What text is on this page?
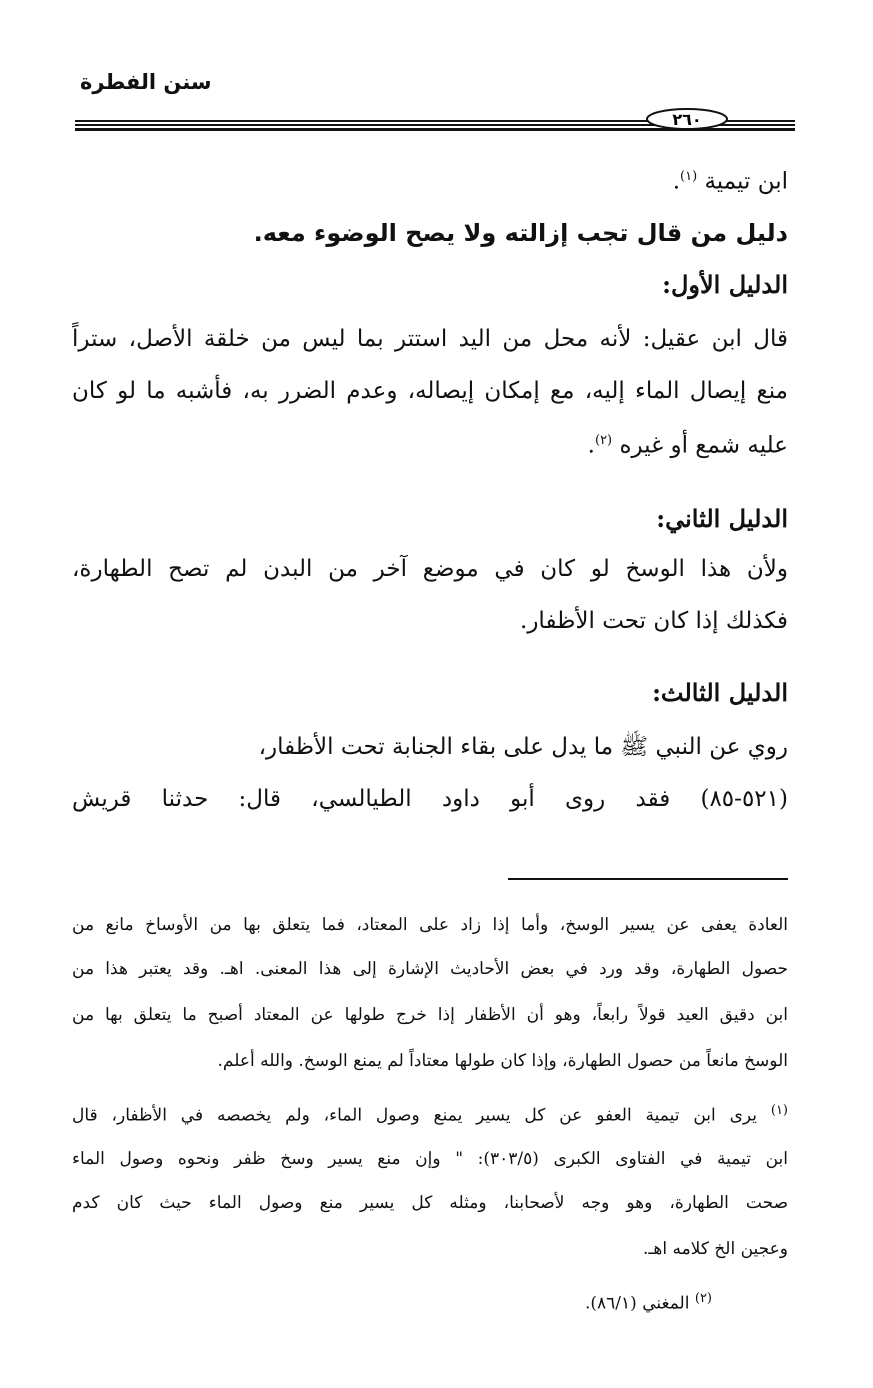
سنن الفطرة
٢٦٠
ابن تيمية $^{(١)}$.
دليل من قال تجب إزالته ولا يصح الوضوء معه.
الدليل الأول:
قال ابن عقيل: لأنه محل من اليد استتر بما ليس من خلقة الأصل، ستراً
منع إيصال الماء إليه، مع إمكان إيصاله، وعدم الضرر به، فأشبه ما لو كان
عليه شمع أو غيره $^{(٢)}$.
الدليل الثاني:
ولأن هذا الوسخ لو كان في موضع آخر من البدن لم تصح الطهارة،
فكذلك إذا كان تحت الأظفار.
الدليل الثالث:
روي عن النبي ﷺ ما يدل على بقاء الجنابة تحت الأظفار،
(٥٢١-٨٥) فقد روى أبو داود الطيالسي، قال: حدثنا قريش
العادة يعفى عن يسير الوسخ، وأما إذا زاد على المعتاد، فما يتعلق بها من الأوساخ مانع من
حصول الطهارة، وقد ورد في بعض الأحاديث الإشارة إلى هذا المعنى. اهـ. وقد يعتبر هذا من
ابن دقيق العيد قولاً رابعاً، وهو أن الأظفار إذا خرج طولها عن المعتاد أصبح ما يتعلق بها من
الوسخ مانعاً من حصول الطهارة، وإذا كان طولها معتاداً لم يمنع الوسخ. والله أعلم.
$^{(١)}$ يرى ابن تيمية العفو عن كل يسير يمنع وصول الماء، ولم يخصصه في الأظفار، قال
ابن تيمية في الفتاوى الكبرى (٣٠٣/٥): " وإن منع يسير وسخ ظفر ونحوه وصول الماء
صحت الطهارة، وهو وجه لأصحابنا، ومثله كل يسير منع وصول الماء حيث كان كدم
وعجين الخ كلامه اهـ.
$^{(٢)}$ المغني (٨٦/١).
